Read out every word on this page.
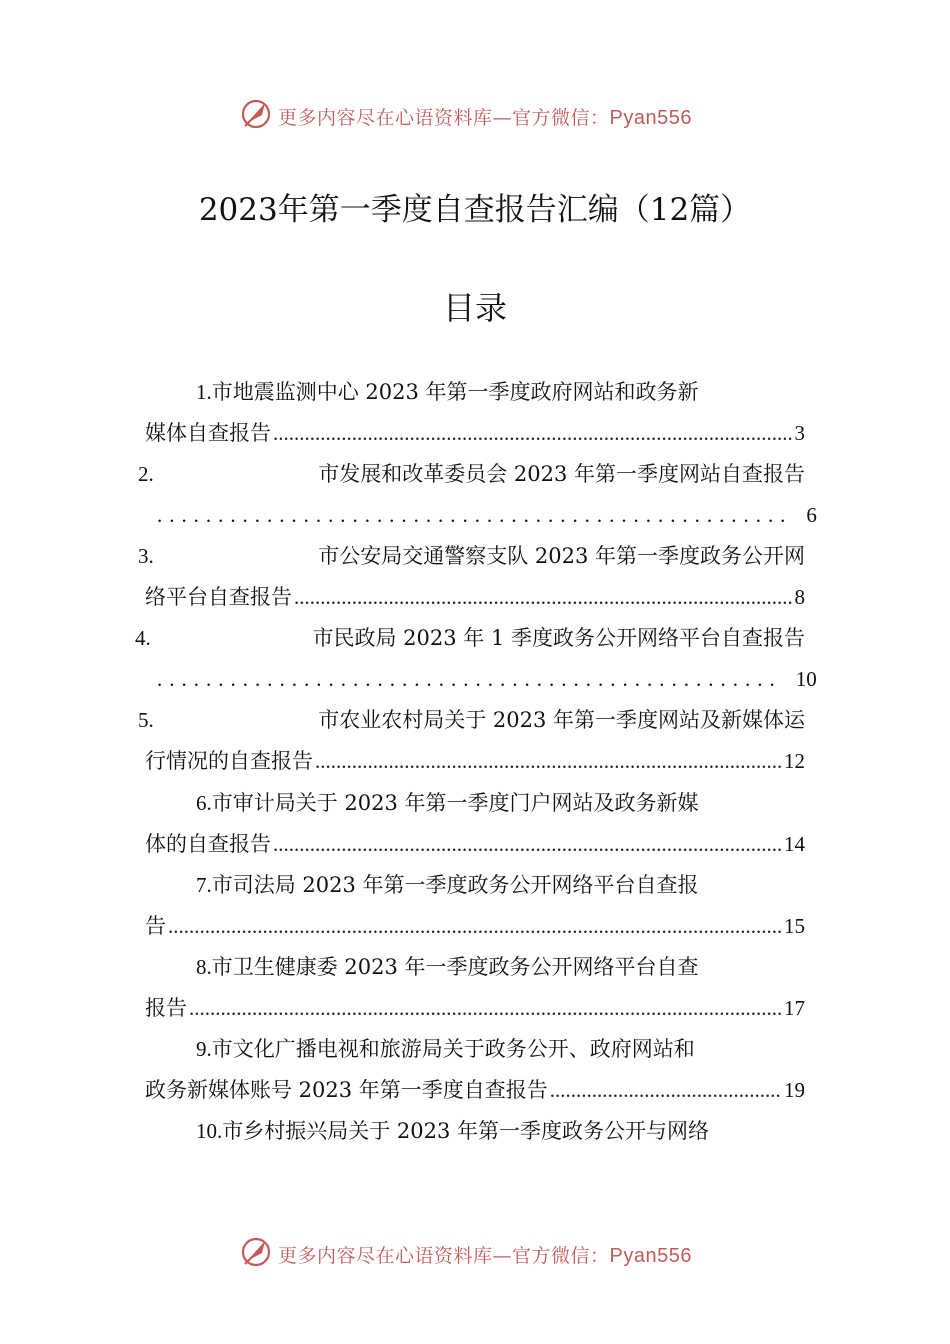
更多内容尽在心语资料库—官方微信：Pyan556
2023年第一季度自查报告汇编（12篇）
目录
1.市地震监测中心 2023 年第一季度政府网站和政务新
媒体自查报告 .....	3
2.	市发展和改革委员会 2023 年第一季度网站自查报告
. . . . . . . . . . . . . . . . . . . . . . . . . . . . . . . . . . . . . . . . . . . . . . . . . . . . 6
3.	市公安局交通警察支队 2023 年第一季度政务公开网
络平台自查报告 .....	8
4.	市民政局 2023 年 1 季度政务公开网络平台自查报告
. . . . . . . . . . . . . . . . . . . . . . . . . . . . . . . . . . . . . . . . . . . . . . . . . . . 10
5.	市农业农村局关于 2023 年第一季度网站及新媒体运
行情况的自查报告 .....	12
6.市审计局关于 2023 年第一季度门户网站及政务新媒
体的自查报告 .....	14
7.市司法局 2023 年第一季度政务公开网络平台自查报
告 .....	15
8.市卫生健康委 2023 年一季度政务公开网络平台自查
报告 .....	17
9.市文化广播电视和旅游局关于政务公开、政府网站和
政务新媒体账号 2023 年第一季度自查报告 .....	19
10.市乡村振兴局关于 2023 年第一季度政务公开与网络
更多内容尽在心语资料库—官方微信：Pyan556
